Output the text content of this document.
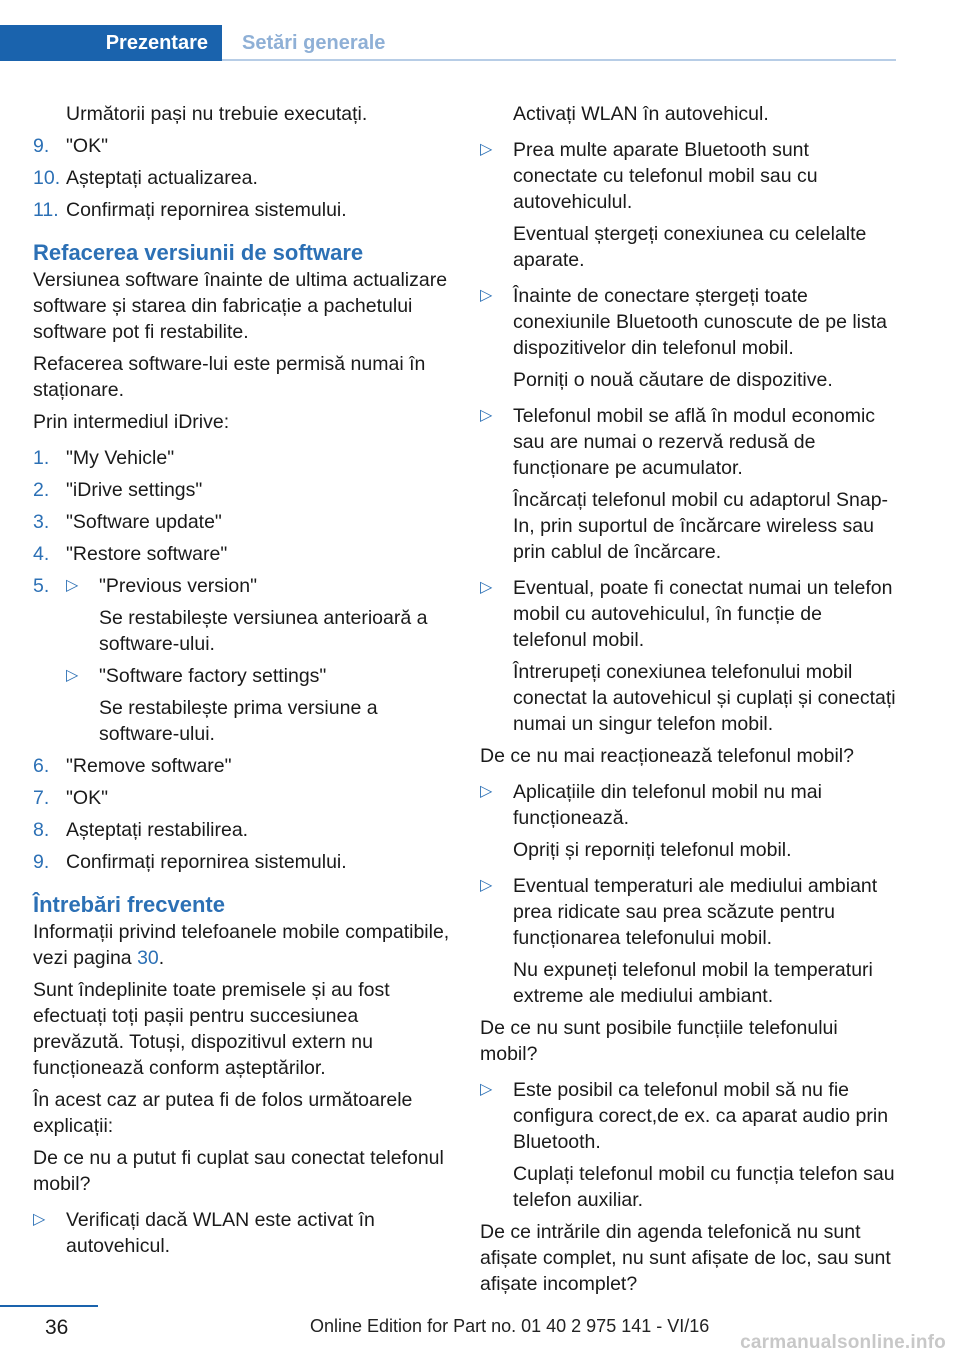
Prezentare	Setări generale
Următorii pași nu trebuie executați.
9. "OK"
10. Așteptați actualizarea.
11. Confirmați repornirea sistemului.
Refacerea versiunii de software

Versiunea software înainte de ultima actualizare software și starea din fabricație a pachetului software pot fi restabilite.

Refacerea software-lui este permisă numai în staționare.

Prin intermediul iDrive:

1. "My Vehicle"
2. "iDrive settings"
3. "Software update"
4. "Restore software"
5. ▷ "Previous version"
Se restabilește versiunea anterioară a software-ului.
▷ "Software factory settings"
Se restabilește prima versiune a software-ului.
6. "Remove software"
7. "OK"
8. Așteptați restabilirea.
9. Confirmați repornirea sistemului.
Întrebări frecvente

Informații privind telefoanele mobile compatibile, vezi pagina 30.

Sunt îndeplinite toate premisele și au fost efectuați toți pașii pentru succesiunea prevăzută. Totuși, dispozitivul extern nu funcționează conform așteptărilor.

În acest caz ar putea fi de folos următoarele explicații:

De ce nu a putut fi cuplat sau conectat telefonul mobil?

▷ Verificați dacă WLAN este activat în autovehicul.
Activați WLAN în autovehicul.
▷ Prea multe aparate Bluetooth sunt conectate cu telefonul mobil sau cu autovehiculul.
Eventual ștergeți conexiunea cu celelalte aparate.
▷ Înainte de conectare ștergeți toate conexiunile Bluetooth cunoscute de pe lista dispozitivelor din telefonul mobil.
Porniți o nouă căutare de dispozitive.
▷ Telefonul mobil se află în modul economic sau are numai o rezervă redusă de funcționare pe acumulator.
Încărcați telefonul mobil cu adaptorul Snap-In, prin suportul de încărcare wireless sau prin cablul de încărcare.
▷ Eventual, poate fi conectat numai un telefon mobil cu autovehiculul, în funcție de telefonul mobil.
Întrerupeți conexiunea telefonului mobil conectat la autovehicul și cuplați și conectați numai un singur telefon mobil.

De ce nu mai reacționează telefonul mobil?

▷ Aplicațiile din telefonul mobil nu mai funcționează.
Opriți și reporniți telefonul mobil.
▷ Eventual temperaturi ale mediului ambiant prea ridicate sau prea scăzute pentru funcționarea telefonului mobil.
Nu expuneți telefonul mobil la temperaturi extreme ale mediului ambiant.

De ce nu sunt posibile funcțiile telefonului mobil?

▷ Este posibil ca telefonul mobil să nu fie configura corect,de ex. ca aparat audio prin Bluetooth.
Cuplați telefonul mobil cu funcția telefon sau telefon auxiliar.

De ce intrările din agenda telefonică nu sunt afișate complet, nu sunt afișate de loc, sau sunt afișate incomplet?

36	Online Edition for Part no. 01 40 2 975 141 - VI/16
carmanualsonline.info
